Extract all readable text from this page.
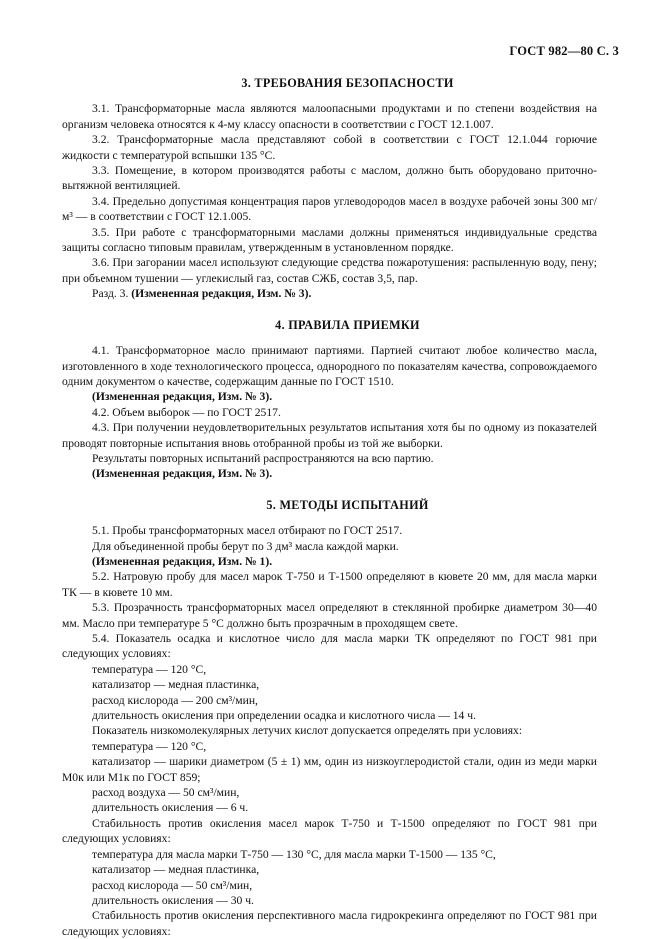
ГОСТ 982—80 С. 3
3. ТРЕБОВАНИЯ БЕЗОПАСНОСТИ

3.1. Трансформаторные масла являются малоопасными продуктами и по степени воздействия на организм человека относятся к 4-му классу опасности в соответствии с ГОСТ 12.1.007.

3.2. Трансформаторные масла представляют собой в соответствии с ГОСТ 12.1.044 горючие жидкости с температурой вспышки 135 °С.

3.3. Помещение, в котором производятся работы с маслом, должно быть оборудовано приточно-вытяжной вентиляцией.

3.4. Предельно допустимая концентрация паров углеводородов масел в воздухе рабочей зоны 300 мг/м³ — в соответствии с ГОСТ 12.1.005.

3.5. При работе с трансформаторными маслами должны применяться индивидуальные средства защиты согласно типовым правилам, утвержденным в установленном порядке.

3.6. При загорании масел используют следующие средства пожаротушения: распыленную воду, пену; при объемном тушении — углекислый газ, состав СЖБ, состав 3,5, пар.

Разд. 3. (Измененная редакция, Изм. № 3).

4. ПРАВИЛА ПРИЕМКИ

4.1. Трансформаторное масло принимают партиями. Партией считают любое количество масла, изготовленного в ходе технологического процесса, однородного по показателям качества, сопровождаемого одним документом о качестве, содержащим данные по ГОСТ 1510.

(Измененная редакция, Изм. № 3).

4.2. Объем выборок — по ГОСТ 2517.

4.3. При получении неудовлетворительных результатов испытания хотя бы по одному из показателей проводят повторные испытания вновь отобранной пробы из той же выборки.

Результаты повторных испытаний распространяются на всю партию.

(Измененная редакция, Изм. № 3).

5. МЕТОДЫ ИСПЫТАНИЙ

5.1. Пробы трансформаторных масел отбирают по ГОСТ 2517.

Для объединенной пробы берут по 3 дм³ масла каждой марки.

(Измененная редакция, Изм. № 1).

5.2. Натровую пробу для масел марок Т-750 и Т-1500 определяют в кювете 20 мм, для масла марки ТК — в кювете 10 мм.

5.3. Прозрачность трансформаторных масел определяют в стеклянной пробирке диаметром 30—40 мм. Масло при температуре 5 °С должно быть прозрачным в проходящем свете.

5.4. Показатель осадка и кислотное число для масла марки ТК определяют по ГОСТ 981 при следующих условиях:

температура — 120 °С,

катализатор — медная пластинка,

расход кислорода — 200 см³/мин,

длительность окисления при определении осадка и кислотного числа — 14 ч.

Показатель низкомолекулярных летучих кислот допускается определять при условиях:

температура — 120 °С,

катализатор — шарики диаметром (5 ± 1) мм, один из низкоуглеродистой стали, один из меди марки М0к или М1к по ГОСТ 859;

расход воздуха — 50 см³/мин,

длительность окисления — 6 ч.

Стабильность против окисления масел марок Т-750 и Т-1500 определяют по ГОСТ 981 при следующих условиях:

температура для масла марки Т-750 — 130 °С, для масла марки Т-1500 — 135 °С,

катализатор — медная пластинка,

расход кислорода — 50 см³/мин,

длительность окисления — 30 ч.

Стабильность против окисления перспективного масла гидрокрекинга определяют по ГОСТ 981 при следующих условиях:
